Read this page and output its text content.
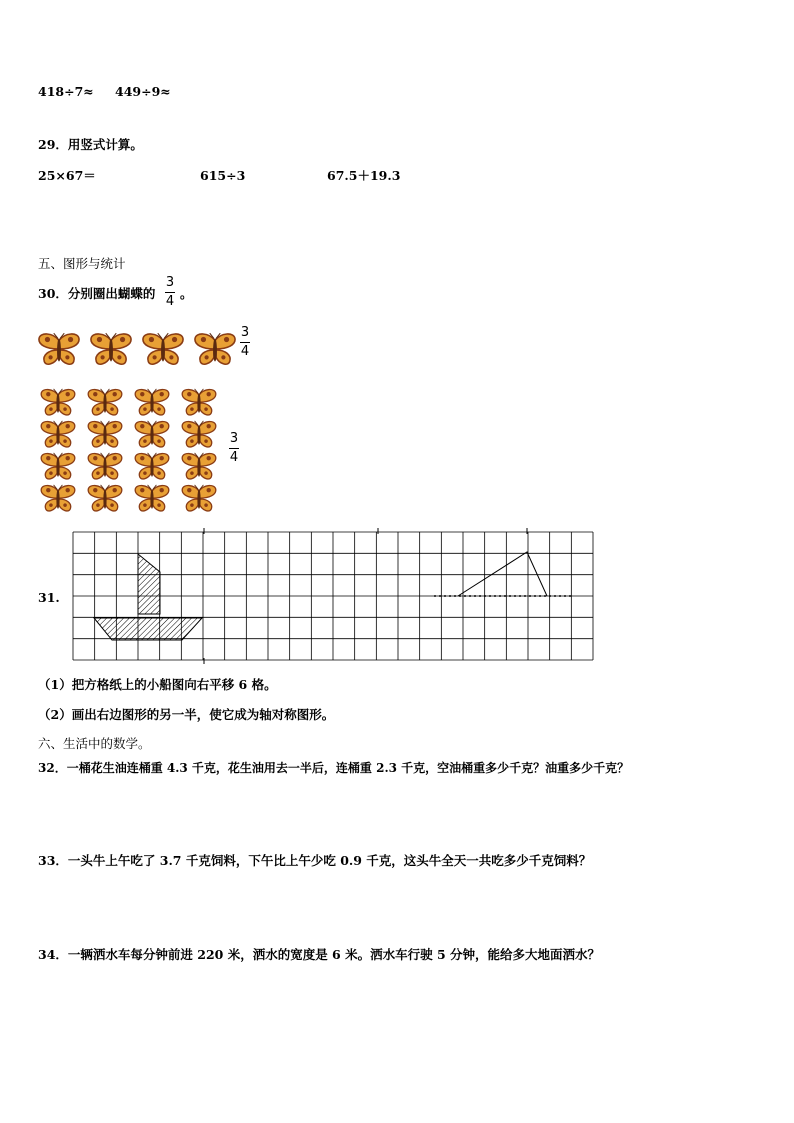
418÷7≈ 449÷9≈
29．用竖式计算。
25×67＝	615÷3	67.5＋19.3
五、图形与统计
30．分别圈出蝴蝶的
3
4
。
3
4
3
4
31.
（1）把方格纸上的小船图向右平移 6 格。
（2）画出右边图形的另一半，使它成为轴对称图形。
六、生活中的数学。
32．一桶花生油连桶重 4.3 千克，花生油用去一半后，连桶重 2.3 千克，空油桶重多少千克？油重多少千克？
33．一头牛上午吃了 3.7 千克饲料，下午比上午少吃 0.9 千克，这头牛全天一共吃多少千克饲料？
34．一辆洒水车每分钟前进 220 米，洒水的宽度是 6 米。洒水车行驶 5 分钟，能给多大地面洒水？
